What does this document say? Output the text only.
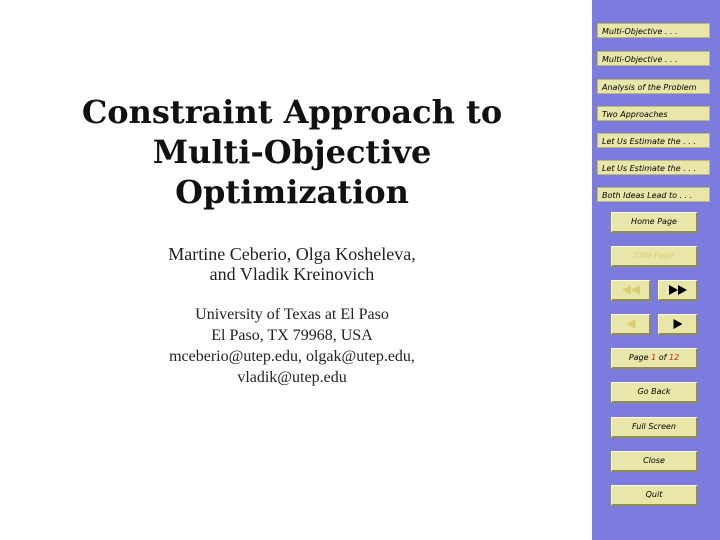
Constraint Approach to
Multi-Objective
Optimization
Martine Ceberio, Olga Kosheleva,
and Vladik Kreinovich
University of Texas at El Paso
El Paso, TX 79968, USA
mceberio@utep.edu, olgak@utep.edu,
vladik@utep.edu
Multi-Objective . . .
Multi-Objective . . .
Analysis of the Problem
Two Approaches
Let Us Estimate the . . .
Let Us Estimate the . . .
Both Ideas Lead to . . .
Home Page
Title Page
Page 1 of 12
Go Back
Full Screen
Close
Quit
